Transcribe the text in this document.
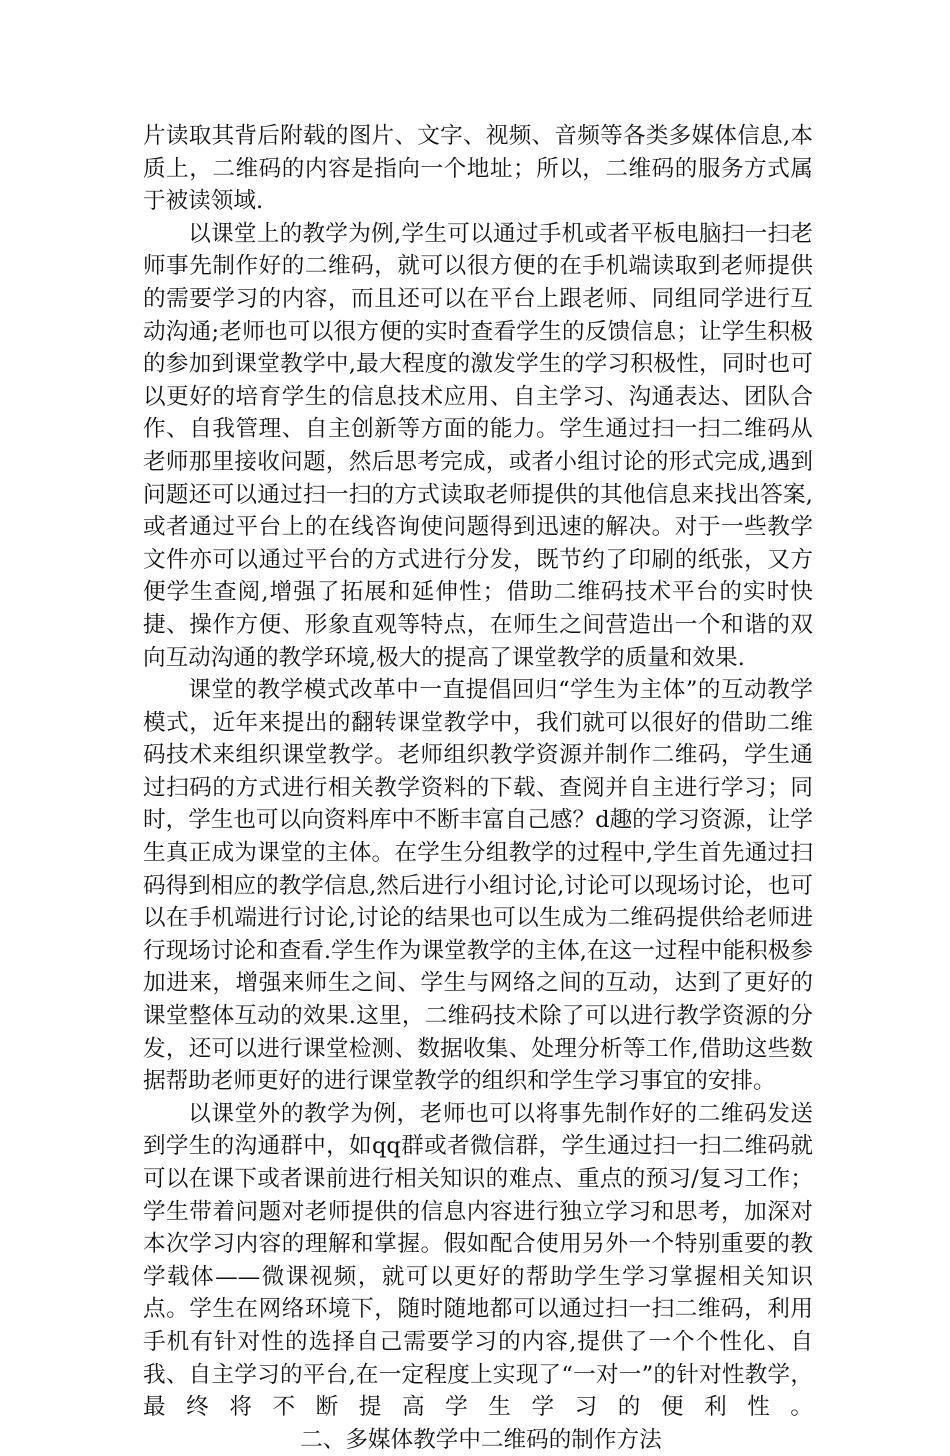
片读取其背后附载的图片、文字、视频、音频等各类多媒体信息,本质上，二维码的内容是指向一个地址；所以，二维码的服务方式属于被读领域.

以课堂上的教学为例,学生可以通过手机或者平板电脑扫一扫老师事先制作好的二维码，就可以很方便的在手机端读取到老师提供的需要学习的内容，而且还可以在平台上跟老师、同组同学进行互动沟通;老师也可以很方便的实时查看学生的反馈信息；让学生积极的参加到课堂教学中,最大程度的激发学生的学习积极性，同时也可以更好的培育学生的信息技术应用、自主学习、沟通表达、团队合作、自我管理、自主创新等方面的能力。学生通过扫一扫二维码从老师那里接收问题，然后思考完成，或者小组讨论的形式完成,遇到问题还可以通过扫一扫的方式读取老师提供的其他信息来找出答案,或者通过平台上的在线咨询使问题得到迅速的解决。对于一些教学文件亦可以通过平台的方式进行分发，既节约了印刷的纸张，又方便学生查阅,增强了拓展和延伸性；借助二维码技术平台的实时快捷、操作方便、形象直观等特点，在师生之间营造出一个和谐的双向互动沟通的教学环境,极大的提高了课堂教学的质量和效果.

课堂的教学模式改革中一直提倡回归“学生为主体”的互动教学模式，近年来提出的翻转课堂教学中，我们就可以很好的借助二维码技术来组织课堂教学。老师组织教学资源并制作二维码，学生通过扫码的方式进行相关教学资料的下载、查阅并自主进行学习；同时，学生也可以向资料库中不断丰富自己感？d趣的学习资源，让学生真正成为课堂的主体。在学生分组教学的过程中,学生首先通过扫码得到相应的教学信息,然后进行小组讨论,讨论可以现场讨论，也可以在手机端进行讨论,讨论的结果也可以生成为二维码提供给老师进行现场讨论和查看.学生作为课堂教学的主体,在这一过程中能积极参加进来，增强来师生之间、学生与网络之间的互动，达到了更好的课堂整体互动的效果.这里，二维码技术除了可以进行教学资源的分发，还可以进行课堂检测、数据收集、处理分析等工作,借助这些数据帮助老师更好的进行课堂教学的组织和学生学习事宜的安排。

以课堂外的教学为例，老师也可以将事先制作好的二维码发送到学生的沟通群中，如qq群或者微信群，学生通过扫一扫二维码就可以在课下或者课前进行相关知识的难点、重点的预习/复习工作；学生带着问题对老师提供的信息内容进行独立学习和思考，加深对本次学习内容的理解和掌握。假如配合使用另外一个特别重要的教学载体——微课视频，就可以更好的帮助学生学习掌握相关知识点。学生在网络环境下，随时随地都可以通过扫一扫二维码，利用手机有针对性的选择自己需要学习的内容,提供了一个个性化、自我、自主学习的平台,在一定程度上实现了“一对一”的针对性教学，最终将不断提高学生学习的便利性。二、多媒体教学中二维码的制作方法
